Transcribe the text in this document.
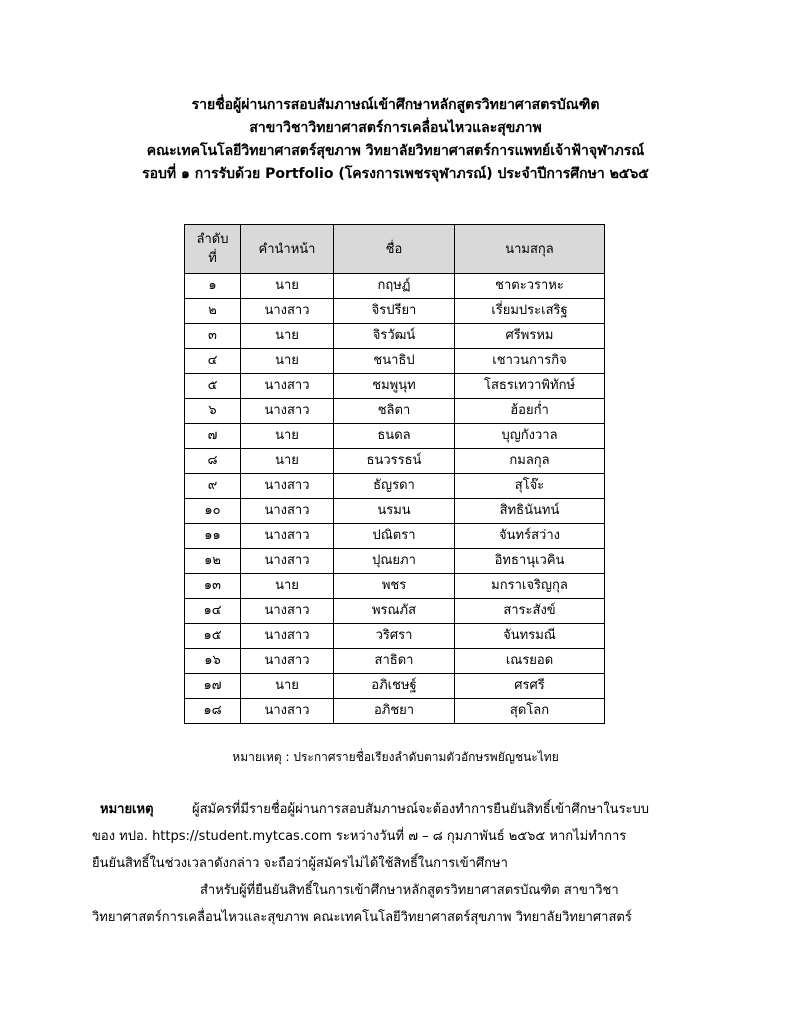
รายชื่อผู้ผ่านการสอบสัมภาษณ์เข้าศึกษาหลักสูตรวิทยาศาสตรบัณฑิต
สาขาวิชาวิทยาศาสตร์การเคลื่อนไหวและสุขภาพ
คณะเทคโนโลยีวิทยาศาสตร์สุขภาพ วิทยาลัยวิทยาศาสตร์การแพทย์เจ้าฟ้าจุฬาภรณ์
รอบที่ ๑ การรับด้วย Portfolio (โครงการเพชรจุฬาภรณ์) ประจำปีการศึกษา ๒๕๖๕
ลำดับที่	คำนำหน้า	ชื่อ	นามสกุล
๑	นาย	กฤษฏ์	ชาตะวราหะ
๒	นางสาว	จิรปรียา	เรี่ยมประเสริฐ
๓	นาย	จิรวัฒน์	ศรีพรหม
๔	นาย	ชนาธิป	เชาวนการกิจ
๕	นางสาว	ชมพูนุท	โสธรเทวาพิทักษ์
๖	นางสาว	ชลิตา	ฮ้อยก่ำ
๗	นาย	ธนดล	บุญกังวาล
๘	นาย	ธนวรรธน์	กมลกุล
๙	นางสาว	ธัญรดา	สุโจ๊ะ
๑๐	นางสาว	นรมน	สิทธินันทน์
๑๑	นางสาว	ปณิตรา	จันทร์สว่าง
๑๒	นางสาว	ปุณยภา	อิทธานุเวคิน
๑๓	นาย	พชร	มกราเจริญกุล
๑๔	นางสาว	พรณภัส	สาระสังข์
๑๕	นางสาว	วริศรา	จันทรมณี
๑๖	นางสาว	สาธิดา	เณรยอด
๑๗	นาย	อภิเชษฐ์	ศรศรี
๑๘	นางสาว	อภิชยา	สุดโลก
หมายเหตุ : ประกาศรายชื่อเรียงลำดับตามตัวอักษรพยัญชนะไทย
หมายเหตุ	ผู้สมัครที่มีรายชื่อผู้ผ่านการสอบสัมภาษณ์จะต้องทำการยืนยันสิทธิ์เข้าศึกษาในระบบ
ของ ทปอ. https://student.mytcas.com ระหว่างวันที่ ๗ – ๘ กุมภาพันธ์ ๒๕๖๕ หากไม่ทำการ
ยืนยันสิทธิ์ในช่วงเวลาดังกล่าว จะถือว่าผู้สมัครไม่ได้ใช้สิทธิ์ในการเข้าศึกษา
สำหรับผู้ที่ยืนยันสิทธิ์ในการเข้าศึกษาหลักสูตรวิทยาศาสตรบัณฑิต สาขาวิชา
วิทยาศาสตร์การเคลื่อนไหวและสุขภาพ คณะเทคโนโลยีวิทยาศาสตร์สุขภาพ วิทยาลัยวิทยาศาสตร์
